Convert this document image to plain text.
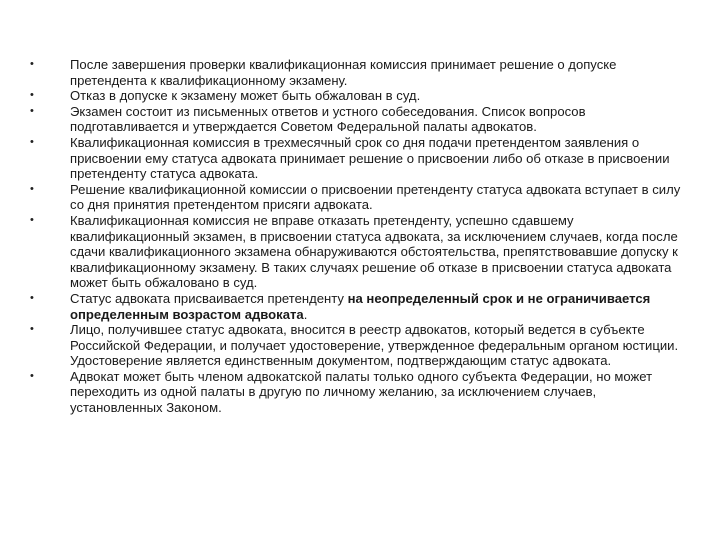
•	После завершения проверки квалификационная комиссия принимает решение о допуске претендента к квалификационному экзамену.
•	Отказ в допуске к экзамену может быть обжалован в суд.
•	Экзамен состоит из письменных ответов и устного собеседования. Список вопросов подготавливается и утверждается Советом Федеральной палаты адвокатов.
•	Квалификационная комиссия в трехмесячный срок со дня подачи претендентом заявления о присвоении ему статуса адвоката принимает решение о присвоении либо об отказе в присвоении претенденту статуса адвоката.
•	Решение квалификационной комиссии о присвоении претенденту статуса адвоката вступает в силу со дня принятия претендентом присяги адвоката.
•	Квалификационная комиссия не вправе отказать претенденту, успешно сдавшему квалификационный экзамен, в присвоении статуса адвоката, за исключением случаев, когда после сдачи квалификационного экзамена обнаруживаются обстоятельства, препятствовавшие допуску к квалификационному экзамену. В таких случаях решение об отказе в присвоении статуса адвоката может быть обжаловано в суд.
•	Статус адвоката присваивается претенденту на неопределенный срок и не ограничивается определенным возрастом адвоката.
•	Лицо, получившее статус адвоката, вносится в реестр адвокатов, который ведется в субъекте Российской Федерации, и получает удостоверение, утвержденное федеральным органом юстиции. Удостоверение является единственным документом, подтверждающим статус адвоката.
•	Адвокат может быть членом адвокатской палаты только одного субъекта Федерации, но может переходить из одной палаты в другую по личному желанию, за исключением случаев, установленных Законом.
